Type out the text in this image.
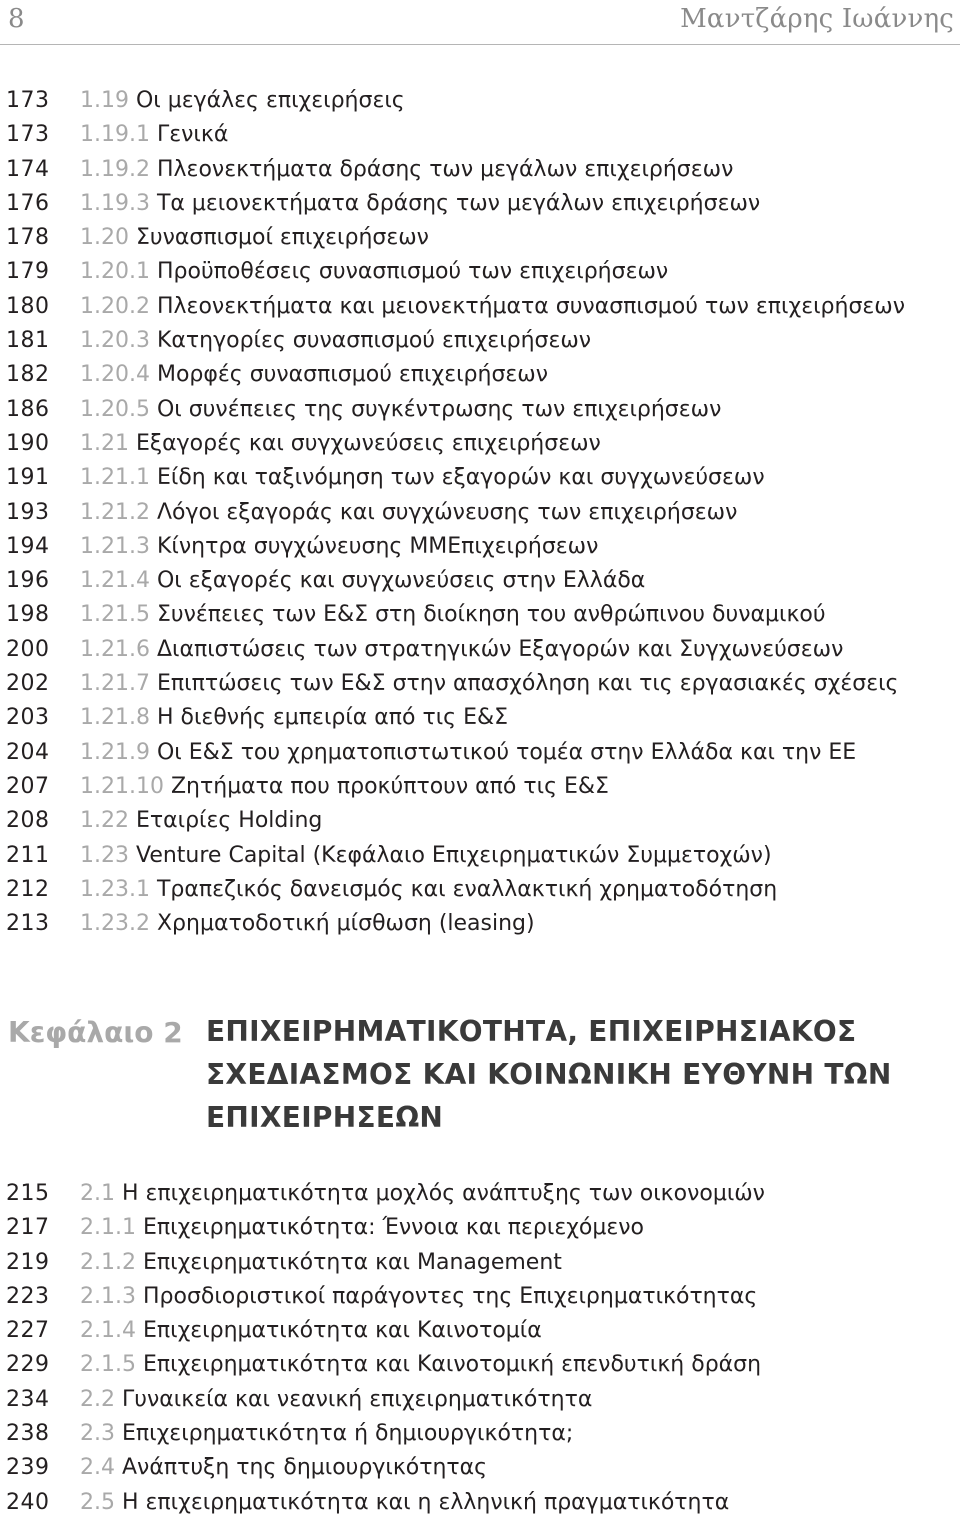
8	Μαντζάρης Ιωάννης
173 1.19 Οι μεγάλες επιχειρήσεις
173 1.19.1 Γενικά
174 1.19.2 Πλεονεκτήματα δράσης των μεγάλων επιχειρήσεων
176 1.19.3 Τα μειονεκτήματα δράσης των μεγάλων επιχειρήσεων
178 1.20 Συνασπισμοί επιχειρήσεων
179 1.20.1 Προϋποθέσεις συνασπισμού των επιχειρήσεων
180 1.20.2 Πλεονεκτήματα και μειονεκτήματα συνασπισμού των επιχειρήσεων
181 1.20.3 Κατηγορίες συνασπισμού επιχειρήσεων
182 1.20.4 Μορφές συνασπισμού επιχειρήσεων
186 1.20.5 Οι συνέπειες της συγκέντρωσης των επιχειρήσεων
190 1.21 Εξαγορές και συγχωνεύσεις επιχειρήσεων
191 1.21.1 Είδη και ταξινόμηση των εξαγορών και συγχωνεύσεων
193 1.21.2 Λόγοι εξαγοράς και συγχώνευσης των επιχειρήσεων
194 1.21.3 Κίνητρα συγχώνευσης ΜΜΕπιχειρήσεων
196 1.21.4 Οι εξαγορές και συγχωνεύσεις στην Ελλάδα
198 1.21.5 Συνέπειες των Ε&Σ στη διοίκηση του ανθρώπινου δυναμικού
200 1.21.6 Διαπιστώσεις των στρατηγικών Εξαγορών και Συγχωνεύσεων
202 1.21.7 Επιπτώσεις των Ε&Σ στην απασχόληση και τις εργασιακές σχέσεις
203 1.21.8 Η διεθνής εμπειρία από τις Ε&Σ
204 1.21.9 Οι Ε&Σ του χρηματοπιστωτικού τομέα στην Ελλάδα και την ΕΕ
207 1.21.10 Ζητήματα που προκύπτουν από τις Ε&Σ
208 1.22 Εταιρίες Holding
211 1.23 Venture Capital (Κεφάλαιο Επιχειρηματικών Συμμετοχών)
212 1.23.1 Τραπεζικός δανεισμός και εναλλακτική χρηματοδότηση
213 1.23.2 Χρηματοδοτική μίσθωση (leasing)
Κεφάλαιο 2 ΕΠΙΧΕΙΡΗΜΑΤΙΚΟΤΗΤΑ, ΕΠΙΧΕΙΡΗΣΙΑΚΟΣ
ΣΧΕΔΙΑΣΜΟΣ ΚΑΙ ΚΟΙΝΩΝΙΚΗ ΕΥΘΥΝΗ ΤΩΝ
ΕΠΙΧΕΙΡΗΣΕΩΝ
215 2.1 Η επιχειρηματικότητα μοχλός ανάπτυξης των οικονομιών
217 2.1.1 Επιχειρηματικότητα: Έννοια και περιεχόμενο
219 2.1.2 Επιχειρηματικότητα και Management
223 2.1.3 Προσδιοριστικοί παράγοντες της Επιχειρηματικότητας
227 2.1.4 Επιχειρηματικότητα και Καινοτομία
229 2.1.5 Επιχειρηματικότητα και Καινοτομική επενδυτική δράση
234 2.2 Γυναικεία και νεανική επιχειρηματικότητα
238 2.3 Επιχειρηματικότητα ή δημιουργικότητα;
239 2.4 Ανάπτυξη της δημιουργικότητας
240 2.5 Η επιχειρηματικότητα και η ελληνική πραγματικότητα
